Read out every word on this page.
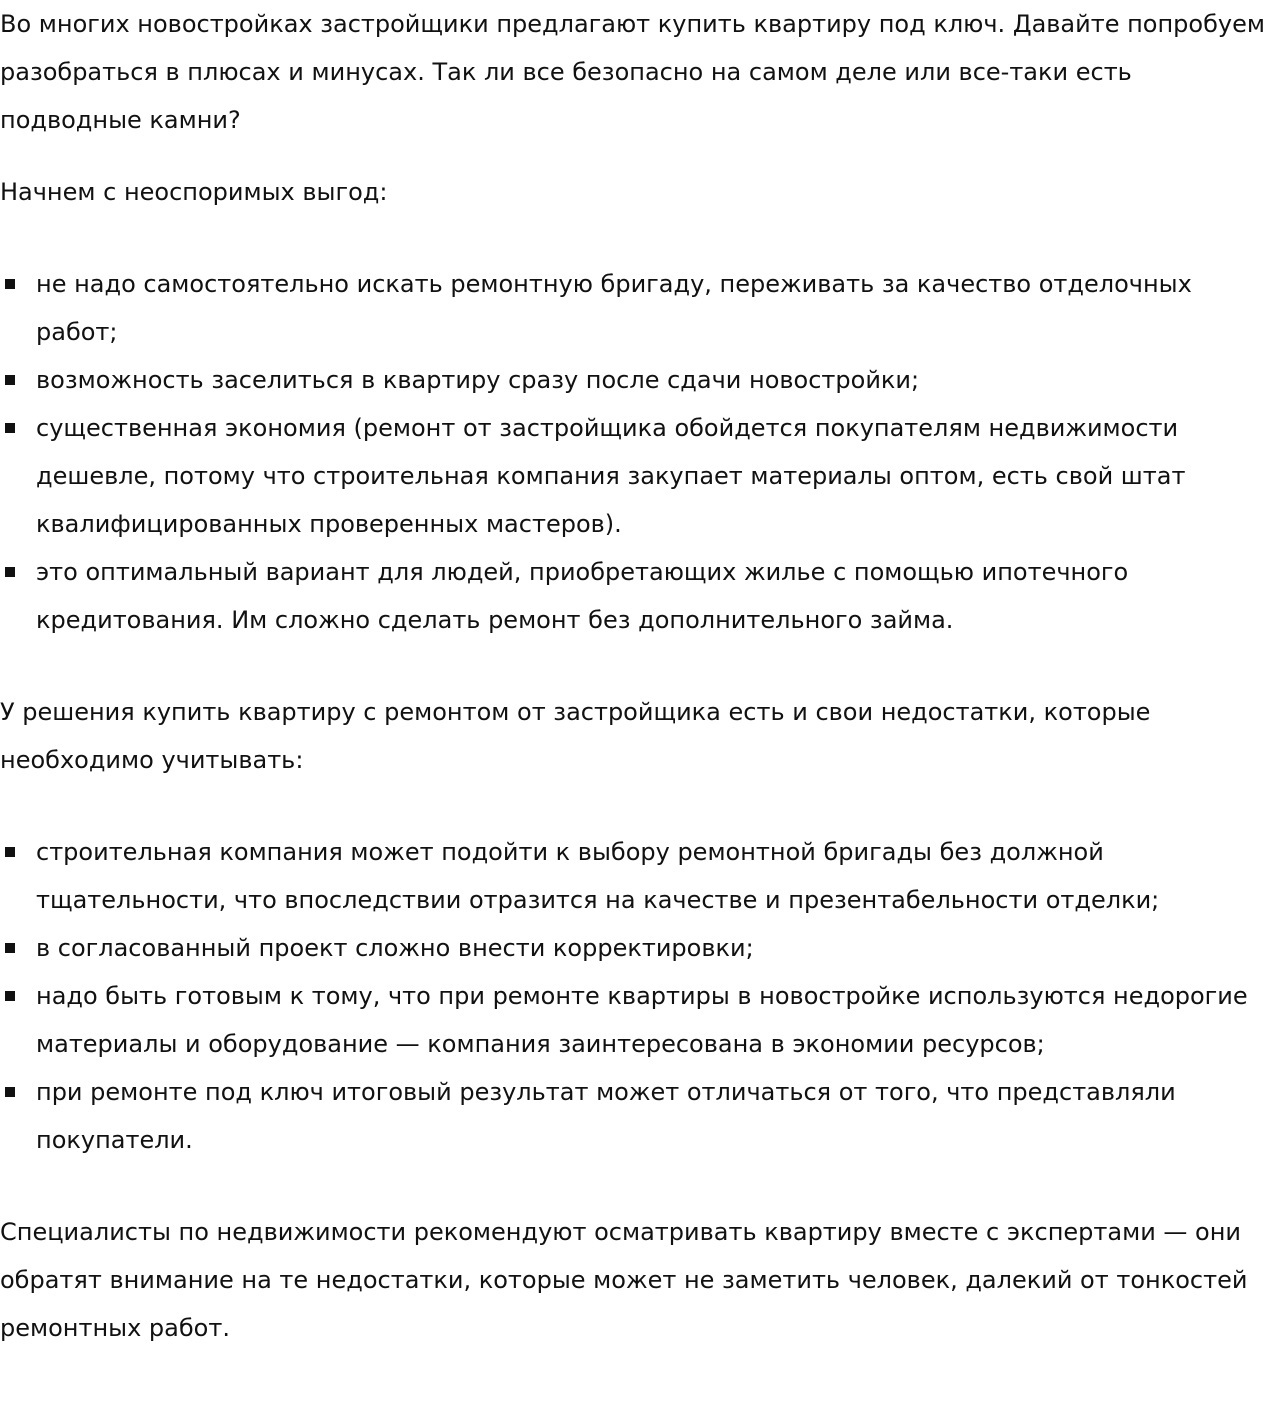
Во многих новостройках застройщики предлагают купить квартиру под ключ. Давайте попробуем разобраться в плюсах и минусах. Так ли все безопасно на самом деле или все-таки есть подводные камни?

Начнем с неоспоримых выгод:

не надо самостоятельно искать ремонтную бригаду, переживать за качество отделочных работ;
возможность заселиться в квартиру сразу после сдачи новостройки;
существенная экономия (ремонт от застройщика обойдется покупателям недвижимости дешевле, потому что строительная компания закупает материалы оптом, есть свой штат квалифицированных проверенных мастеров).
это оптимальный вариант для людей, приобретающих жилье с помощью ипотечного кредитования. Им сложно сделать ремонт без дополнительного займа.

У решения купить квартиру с ремонтом от застройщика есть и свои недостатки, которые необходимо учитывать:

строительная компания может подойти к выбору ремонтной бригады без должной тщательности, что впоследствии отразится на качестве и презентабельности отделки;
в согласованный проект сложно внести корректировки;
надо быть готовым к тому, что при ремонте квартиры в новостройке используются недорогие материалы и оборудование — компания заинтересована в экономии ресурсов;
при ремонте под ключ итоговый результат может отличаться от того, что представляли покупатели.

Специалисты по недвижимости рекомендуют осматривать квартиру вместе с экспертами — они обратят внимание на те недостатки, которые может не заметить человек, далекий от тонкостей ремонтных работ.
